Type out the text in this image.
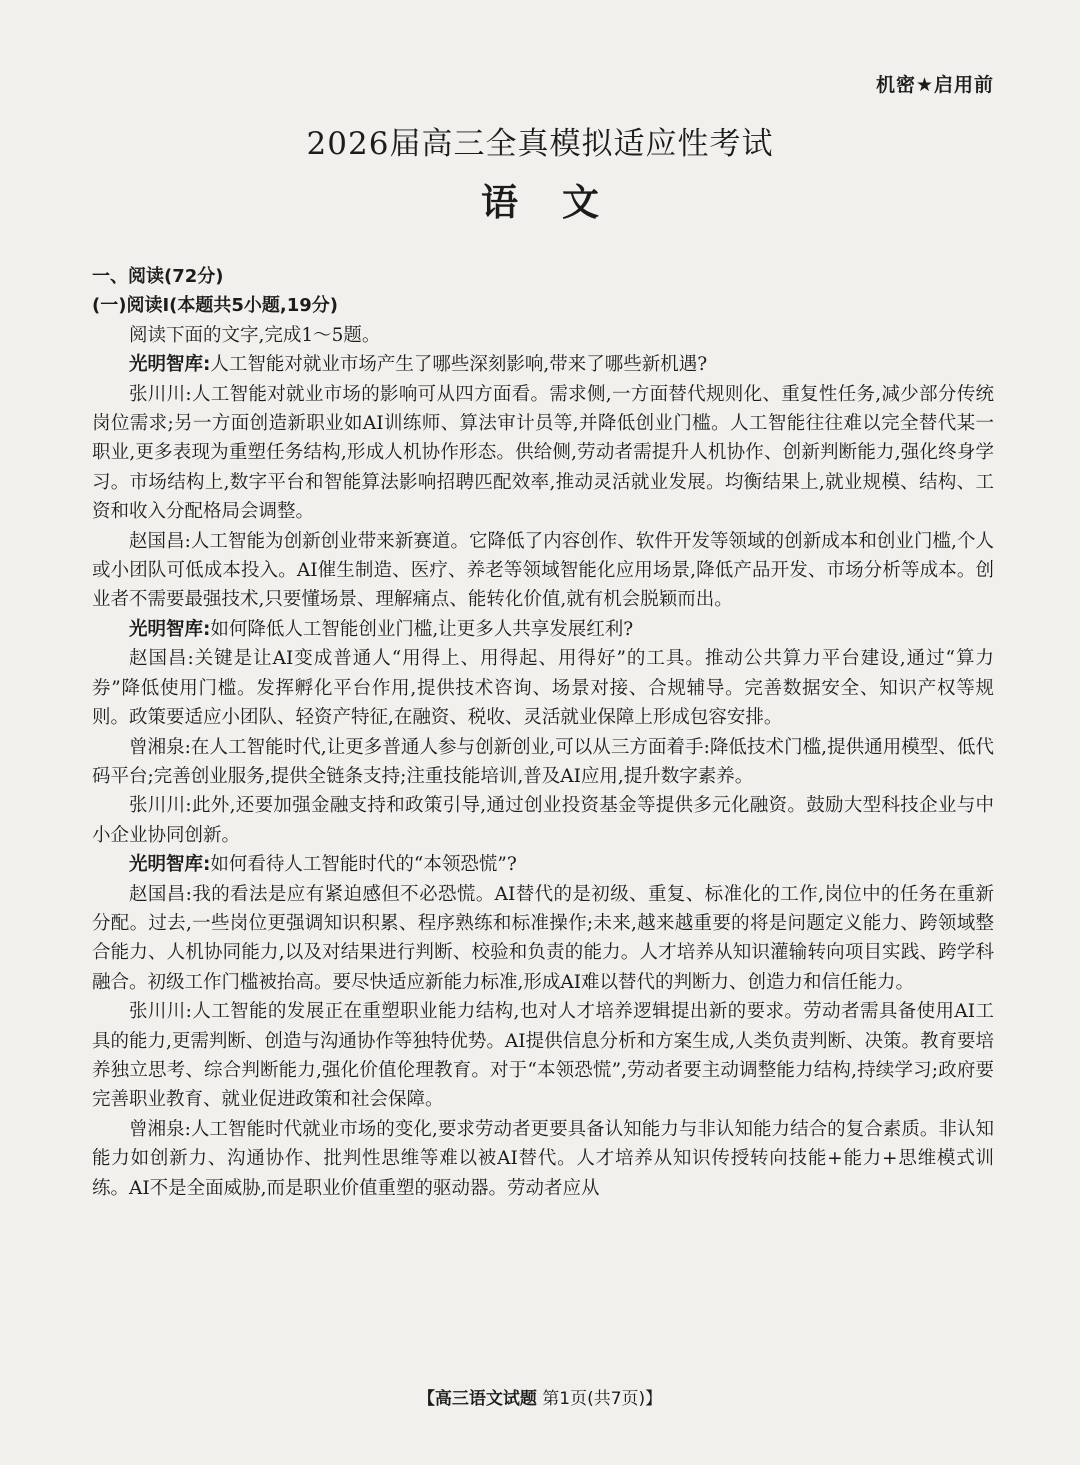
机密★启用前
2026届高三全真模拟适应性考试
语文

一、阅读(72分)

(一)阅读Ⅰ(本题共5小题,19分)

阅读下面的文字,完成1～5题。

光明智库:人工智能对就业市场产生了哪些深刻影响,带来了哪些新机遇?

张川川:人工智能对就业市场的影响可从四方面看。需求侧,一方面替代规则化、重复性任务,减少部分传统岗位需求;另一方面创造新职业如AI训练师、算法审计员等,并降低创业门槛。人工智能往往难以完全替代某一职业,更多表现为重塑任务结构,形成人机协作形态。供给侧,劳动者需提升人机协作、创新判断能力,强化终身学习。市场结构上,数字平台和智能算法影响招聘匹配效率,推动灵活就业发展。均衡结果上,就业规模、结构、工资和收入分配格局会调整。

赵国昌:人工智能为创新创业带来新赛道。它降低了内容创作、软件开发等领域的创新成本和创业门槛,个人或小团队可低成本投入。AI催生制造、医疗、养老等领域智能化应用场景,降低产品开发、市场分析等成本。创业者不需要最强技术,只要懂场景、理解痛点、能转化价值,就有机会脱颖而出。

光明智库:如何降低人工智能创业门槛,让更多人共享发展红利?

赵国昌:关键是让AI变成普通人“用得上、用得起、用得好”的工具。推动公共算力平台建设,通过“算力券”降低使用门槛。发挥孵化平台作用,提供技术咨询、场景对接、合规辅导。完善数据安全、知识产权等规则。政策要适应小团队、轻资产特征,在融资、税收、灵活就业保障上形成包容安排。

曾湘泉:在人工智能时代,让更多普通人参与创新创业,可以从三方面着手:降低技术门槛,提供通用模型、低代码平台;完善创业服务,提供全链条支持;注重技能培训,普及AI应用,提升数字素养。

张川川:此外,还要加强金融支持和政策引导,通过创业投资基金等提供多元化融资。鼓励大型科技企业与中小企业协同创新。

光明智库:如何看待人工智能时代的“本领恐慌”?

赵国昌:我的看法是应有紧迫感但不必恐慌。AI替代的是初级、重复、标准化的工作,岗位中的任务在重新分配。过去,一些岗位更强调知识积累、程序熟练和标准操作;未来,越来越重要的将是问题定义能力、跨领域整合能力、人机协同能力,以及对结果进行判断、校验和负责的能力。人才培养从知识灌输转向项目实践、跨学科融合。初级工作门槛被抬高。要尽快适应新能力标准,形成AI难以替代的判断力、创造力和信任能力。

张川川:人工智能的发展正在重塑职业能力结构,也对人才培养逻辑提出新的要求。劳动者需具备使用AI工具的能力,更需判断、创造与沟通协作等独特优势。AI提供信息分析和方案生成,人类负责判断、决策。教育要培养独立思考、综合判断能力,强化价值伦理教育。对于“本领恐慌”,劳动者要主动调整能力结构,持续学习;政府要完善职业教育、就业促进政策和社会保障。

曾湘泉:人工智能时代就业市场的变化,要求劳动者更要具备认知能力与非认知能力结合的复合素质。非认知能力如创新力、沟通协作、批判性思维等难以被AI替代。人才培养从知识传授转向技能+能力+思维模式训练。AI不是全面威胁,而是职业价值重塑的驱动器。劳动者应从

【高三语文试题 第1页(共7页)】
